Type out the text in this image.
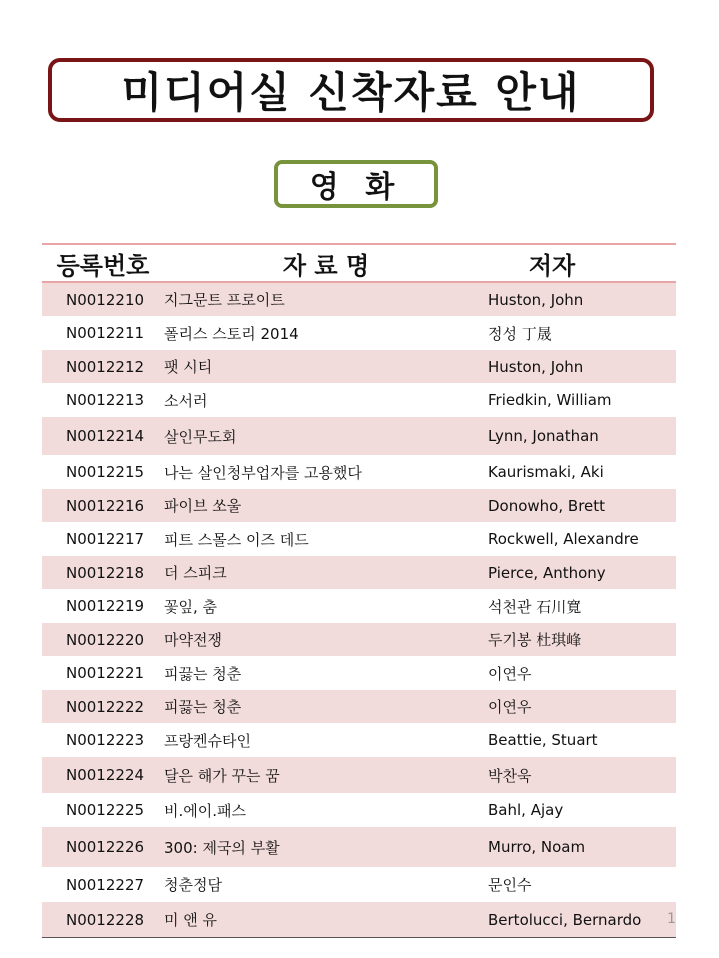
미디어실 신착자료 안내
영 화
등록번호	자 료 명	저자
N0012210	지그문트 프로이트	Huston, John
N0012211	폴리스 스토리 2014	정성 丁晟
N0012212	팻 시티	Huston, John
N0012213	소서러	Friedkin, William
N0012214	살인무도회	Lynn, Jonathan
N0012215	나는 살인청부업자를 고용했다	Kaurismaki, Aki
N0012216	파이브 쏘울	Donowho, Brett
N0012217	피트 스몰스 이즈 데드	Rockwell, Alexandre
N0012218	더 스피크	Pierce, Anthony
N0012219	꽃잎, 춤	석천관 石川寬
N0012220	마약전쟁	두기봉 杜琪峰
N0012221	피끓는 청춘	이연우
N0012222	피끓는 청춘	이연우
N0012223	프랑켄슈타인	Beattie, Stuart
N0012224	달은 해가 꾸는 꿈	박찬욱
N0012225	비.에이.패스	Bahl, Ajay
N0012226	300: 제국의 부활	Murro, Noam
N0012227	청춘정담	문인수
N0012228	미 앤 유	Bertolucci, Bernardo	1
